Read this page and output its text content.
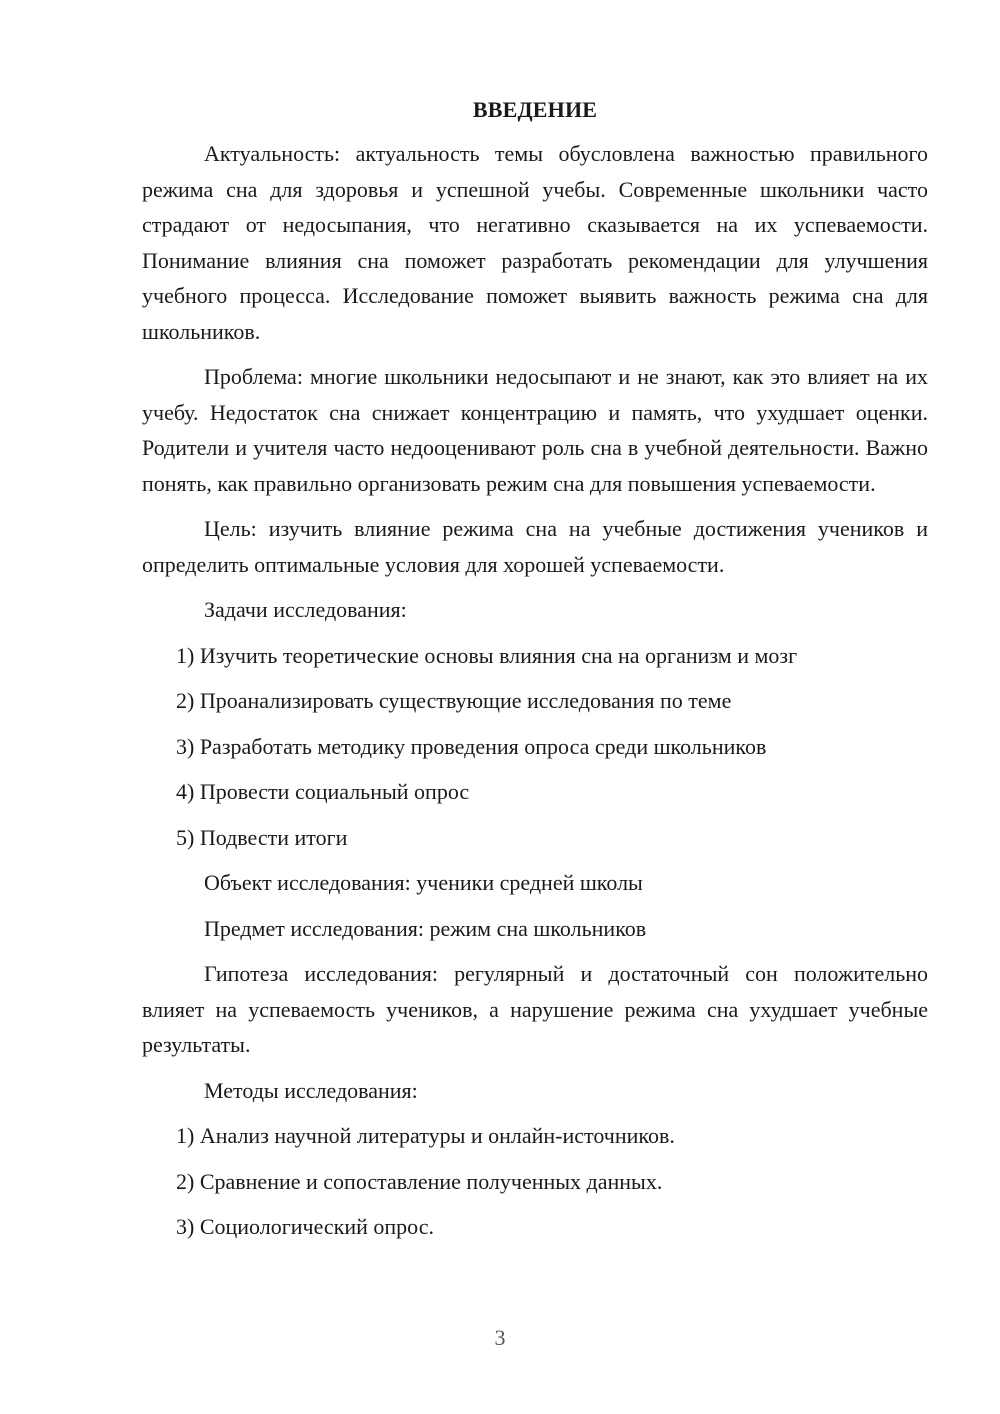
ВВЕДЕНИЕ

Актуальность: актуальность темы обусловлена важностью правильного режима сна для здоровья и успешной учебы. Современные школьники часто страдают от недосыпания, что негативно сказывается на их успеваемости. Понимание влияния сна поможет разработать рекомендации для улучшения учебного процесса. Исследование поможет выявить важность режима сна для школьников.

Проблема: многие школьники недосыпают и не знают, как это влияет на их учебу. Недостаток сна снижает концентрацию и память, что ухудшает оценки. Родители и учителя часто недооценивают роль сна в учебной деятельности. Важно понять, как правильно организовать режим сна для повышения успеваемости.

Цель: изучить влияние режима сна на учебные достижения учеников и определить оптимальные условия для хорошей успеваемости.

Задачи исследования:

1) Изучить теоретические основы влияния сна на организм и мозг
2) Проанализировать существующие исследования по теме
3) Разработать методику проведения опроса среди школьников
4) Провести социальный опрос
5) Подвести итоги

Объект исследования: ученики средней школы

Предмет исследования: режим сна школьников

Гипотеза исследования: регулярный и достаточный сон положительно влияет на успеваемость учеников, а нарушение режима сна ухудшает учебные результаты.

Методы исследования:

1) Анализ научной литературы и онлайн-источников.
2) Сравнение и сопоставление полученных данных.
3) Социологический опрос.
3
